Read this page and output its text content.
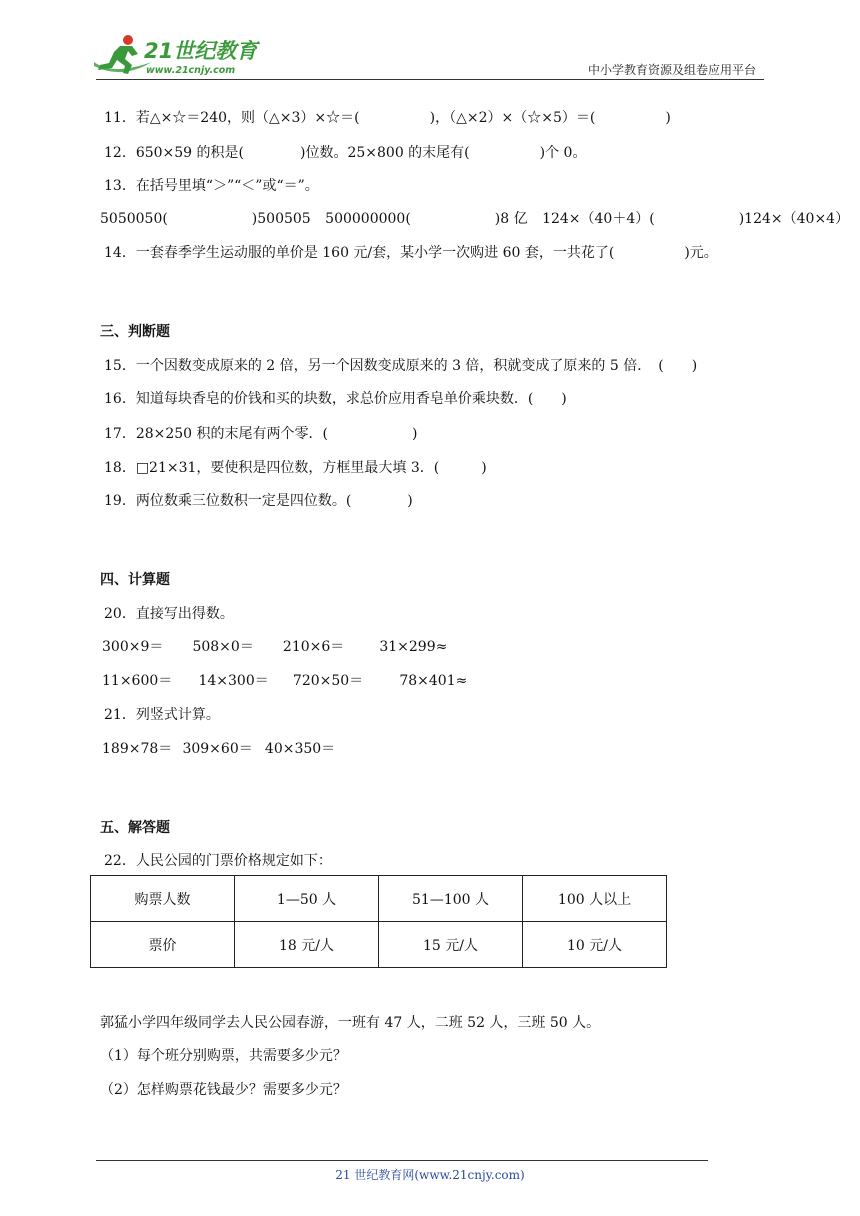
21世纪教育
www.21cnjy.com	中小学教育资源及组卷应用平台
11．若△×☆＝240，则（△×3）×☆＝(　　　　　)，（△×2）×（☆×5）＝(　　　　　)
12．650×59 的积是(　　　　)位数。25×800 的末尾有(　　　　　)个 0。
13．在括号里填“＞”“＜”或“＝”。
5050050(　　　　　　)500505 500000000(　　　　　　)8 亿 124×（40＋4）(　　　　　　)124×（40×4）
14．一套春季学生运动服的单价是 160 元/套，某小学一次购进 60 套，一共花了(　　　　　)元。
三、判断题
15．一个因数变成原来的 2 倍，另一个因数变成原来的 3 倍，积就变成了原来的 5 倍．　(　　)
16．知道每块香皂的价钱和买的块数，求总价应用香皂单价乘块数．(　　)
17．28×250 积的末尾有两个零．(　　　　　　)
18．□21×31，要使积是四位数，方框里最大填 3．(　　　)
19．两位数乘三位数积一定是四位数。(　　　　)
四、计算题
20．直接写出得数。
300×9＝ 508×0＝ 210×6＝	31×299≈
11×600＝ 14×300＝ 720×50＝	78×401≈
21．列竖式计算。
189×78＝ 309×60＝ 40×350＝
五、解答题
22．人民公园的门票价格规定如下：
购票人数	1—50 人	51—100 人	100 人以上
票价	18 元/人	15 元/人	10 元/人
郭猛小学四年级同学去人民公园春游，一班有 47 人，二班 52 人，三班 50 人。
（1）每个班分别购票，共需要多少元？
（2）怎样购票花钱最少？需要多少元？
21 世纪教育网(www.21cnjy.com)
